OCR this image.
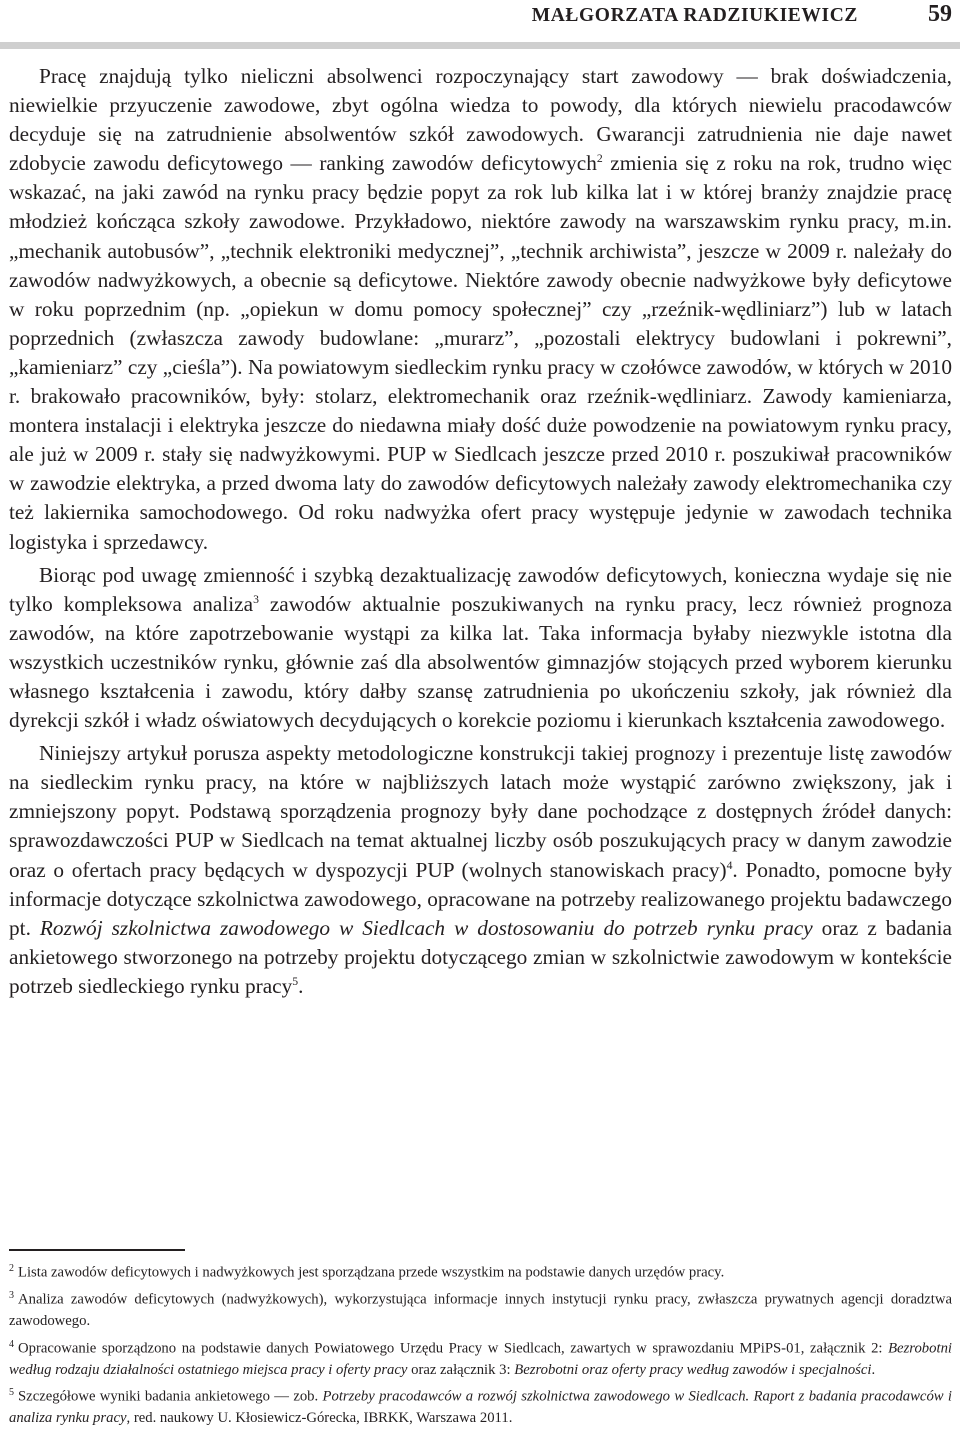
MAŁGORZATA RADZIUKIEWICZ	59

Pracę znajdują tylko nieliczni absolwenci rozpoczynający start zawodowy — brak doświadczenia, niewielkie przyuczenie zawodowe, zbyt ogólna wiedza to powody, dla których niewielu pracodawców decyduje się na zatrudnienie absolwentów szkół zawodowych. Gwarancji zatrudnienia nie daje nawet zdobycie zawodu deficytowego — ranking zawodów deficytowych$^2$ zmienia się z roku na rok, trudno więc wskazać, na jaki zawód na rynku pracy będzie popyt za rok lub kilka lat i w której branży znajdzie pracę młodzież kończąca szkoły zawodowe. Przykładowo, niektóre zawody na warszawskim rynku pracy, m.in. „mechanik autobusów”, „technik elektroniki medycznej”, „technik archiwista”, jeszcze w 2009 r. należały do zawodów nadwyżkowych, a obecnie są deficytowe. Niektóre zawody obecnie nadwyżkowe były deficytowe w roku poprzednim (np. „opiekun w domu pomocy społecznej” czy „rzeźnik-wędliniarz”) lub w latach poprzednich (zwłaszcza zawody budowlane: „murarz”, „pozostali elektrycy budowlani i pokrewni”, „kamieniarz” czy „cieśla”). Na powiatowym siedleckim rynku pracy w czołówce zawodów, w których w 2010 r. brakowało pracowników, były: stolarz, elektromechanik oraz rzeźnik-wędliniarz. Zawody kamieniarza, montera instalacji i elektryka jeszcze do niedawna miały dość duże powodzenie na powiatowym rynku pracy, ale już w 2009 r. stały się nadwyżkowymi. PUP w Siedlcach jeszcze przed 2010 r. poszukiwał pracowników w zawodzie elektryka, a przed dwoma laty do zawodów deficytowych należały zawody elektromechanika czy też lakiernika samochodowego. Od roku nadwyżka ofert pracy występuje jedynie w zawodach technika logistyka i sprzedawcy.

Biorąc pod uwagę zmienność i szybką dezaktualizację zawodów deficytowych, konieczna wydaje się nie tylko kompleksowa analiza$^3$ zawodów aktualnie poszukiwanych na rynku pracy, lecz również prognoza zawodów, na które zapotrzebowanie wystąpi za kilka lat. Taka informacja byłaby niezwykle istotna dla wszystkich uczestników rynku, głównie zaś dla absolwentów gimnazjów stojących przed wyborem kierunku własnego kształcenia i zawodu, który dałby szansę zatrudnienia po ukończeniu szkoły, jak również dla dyrekcji szkół i władz oświatowych decydujących o korekcie poziomu i kierunkach kształcenia zawodowego.

Niniejszy artykuł porusza aspekty metodologiczne konstrukcji takiej prognozy i prezentuje listę zawodów na siedleckim rynku pracy, na które w najbliższych latach może wystąpić zarówno zwiększony, jak i zmniejszony popyt. Podstawą sporządzenia prognozy były dane pochodzące z dostępnych źródeł danych: sprawozdawczości PUP w Siedlcach na temat aktualnej liczby osób poszukujących pracy w danym zawodzie oraz o ofertach pracy będących w dyspozycji PUP (wolnych stanowiskach pracy)$^4$. Ponadto, pomocne były informacje dotyczące szkolnictwa zawodowego, opracowane na potrzeby realizowanego projektu badawczego pt. Rozwój szkolnictwa zawodowego w Siedlcach w dostosowaniu do potrzeb rynku pracy oraz z badania ankietowego stworzonego na potrzeby projektu dotyczącego zmian w szkolnictwie zawodowym w kontekście potrzeb siedleckiego rynku pracy$^5$.

$^2$ Lista zawodów deficytowych i nadwyżkowych jest sporządzana przede wszystkim na podstawie danych urzędów pracy.

$^3$ Analiza zawodów deficytowych (nadwyżkowych), wykorzystująca informacje innych instytucji rynku pracy, zwłaszcza prywatnych agencji doradztwa zawodowego.

$^4$ Opracowanie sporządzono na podstawie danych Powiatowego Urzędu Pracy w Siedlcach, zawartych w sprawozdaniu MPiPS-01, załącznik 2: Bezrobotni według rodzaju działalności ostatniego miejsca pracy i oferty pracy oraz załącznik 3: Bezrobotni oraz oferty pracy według zawodów i specjalności.

$^5$ Szczegółowe wyniki badania ankietowego — zob. Potrzeby pracodawców a rozwój szkolnictwa zawodowego w Siedlcach. Raport z badania pracodawców i analiza rynku pracy, red. naukowy U. Kłosiewicz-Górecka, IBRKK, Warszawa 2011.
